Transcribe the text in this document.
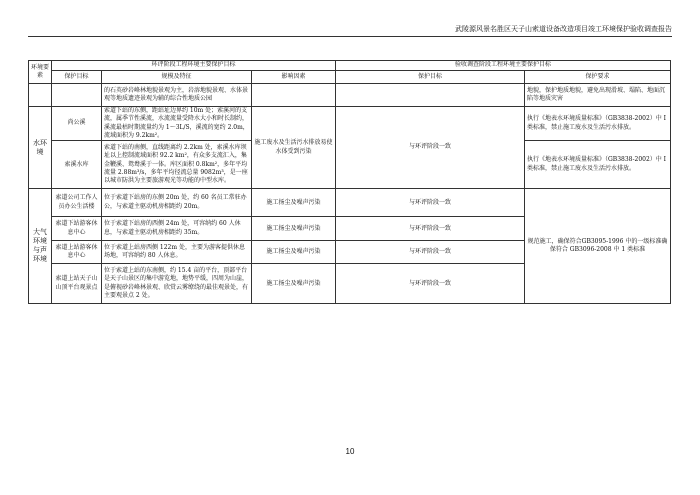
武陵源风景名胜区天子山索道设备改造项目竣工环境保护验收调查报告
环境要素	环评阶段工程环境主要保护目标			验收调查阶段工程环境主要保护目标	
	保护目标	规模及特征	影响因素	保护目标	保护要求
		的石英砂岩峰林地貌景观为主，岩溶地貌景观、水体景观等地质遗迹景观为辅的综合性地质公园			地貌，保护地质地貌，避免出现滑坡、塌陷、地面沉陷等地质灾害
水环境	尚公溪	索道下站的东侧，距站址边界约 10m 处；索溪河的支流，属季节性溪流，水流流量受降水大小和时长制约，溪流最枯时期流量约为 1～3L/S，溪流的宽约 2.0m，流域面积为 9.2km²。	施工废水及生活污水排放易使水体受到污染	与环评阶段一致	执行《地表水环境质量标准》（GB3838-2002）中 I 类标准，禁止施工废水及生活污水排放。
	索溪水库	索道下站的南侧，直线距离约 2.2km 处，索溪水库坝址以上控制流域面积 92.2 km²，有众多支流汇入，集金鞭溪、鸳鸯溪于一体。库区面积 0.8km²，多年平均流量 2.88m³/s，多年平均径流总量 9082m³，是一座以城市防洪为主要旅游观光等功能的中型水库。			执行《地表水环境质量标准》（GB3838-2002）中 I 类标准，禁止施工废水及生活污水排放。
大气环境与声环境	索道公司工作人员办公生活楼	位于索道下站房的东侧 20m 处，约 60 名员工常驻办公，与索道主驱动机房相距约 20m。	施工扬尘及噪声污染	与环评阶段一致	规范施工，确保符合GB3095-1996 中的一级标准确保符合 GB3096-2008 中 1 类标准
	索道下站游客休息中心	位于索道下站房的西侧 24m 处，可容纳约 60 人休息，与索道主驱动机房相距约 35m。	施工扬尘及噪声污染	与环评阶段一致	
	索道上站游客休息中心	位于索道上站房西侧 122m 处，主要为游客提供休息场地，可容纳约 80 人休息。	施工扬尘及噪声污染	与环评阶段一致	
	索道上站天子山山顶平台观景点	位于索道上站的东南侧，约 15.4 亩的平台，顶部平台是天子山景区的集中游览地，地势平缓，四周为山崖，是俯视砂岩峰林景观、欣赏云雾缭绕的最佳观景处，有主要观景点 2 处。	施工扬尘及噪声污染	与环评阶段一致	
10
